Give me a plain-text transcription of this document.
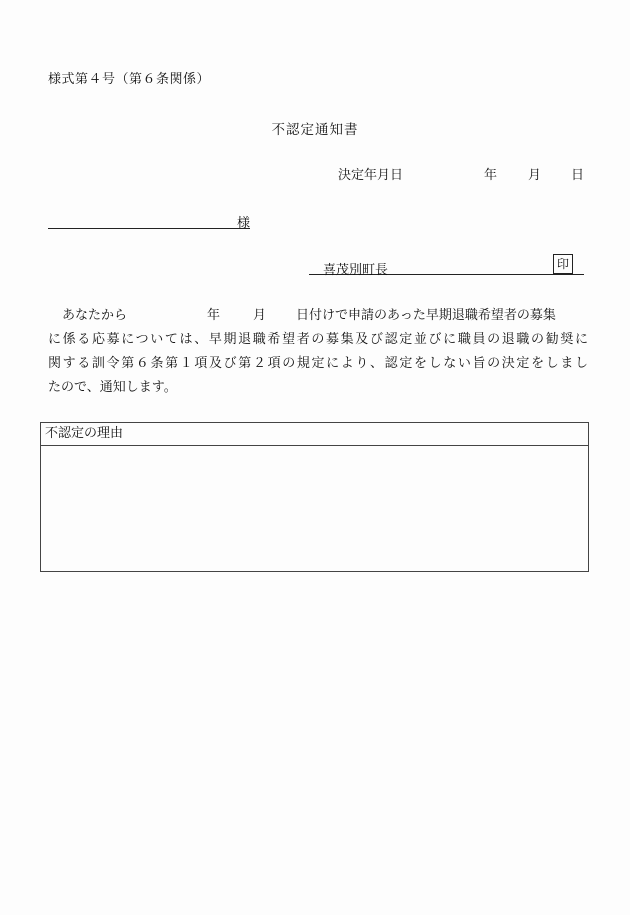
様式第４号（第６条関係）
不認定通知書
決定年月日	年 月 日
様
喜茂別町長	印
あなたから	年	月 日付けで申請のあった早期退職希望者の募集
に係る応募については、早期退職希望者の募集及び認定並びに職員の退職の勧奨に
関する訓令第６条第１項及び第２項の規定により、認定をしない旨の決定をしまし
たので、通知します。
不認定の理由
